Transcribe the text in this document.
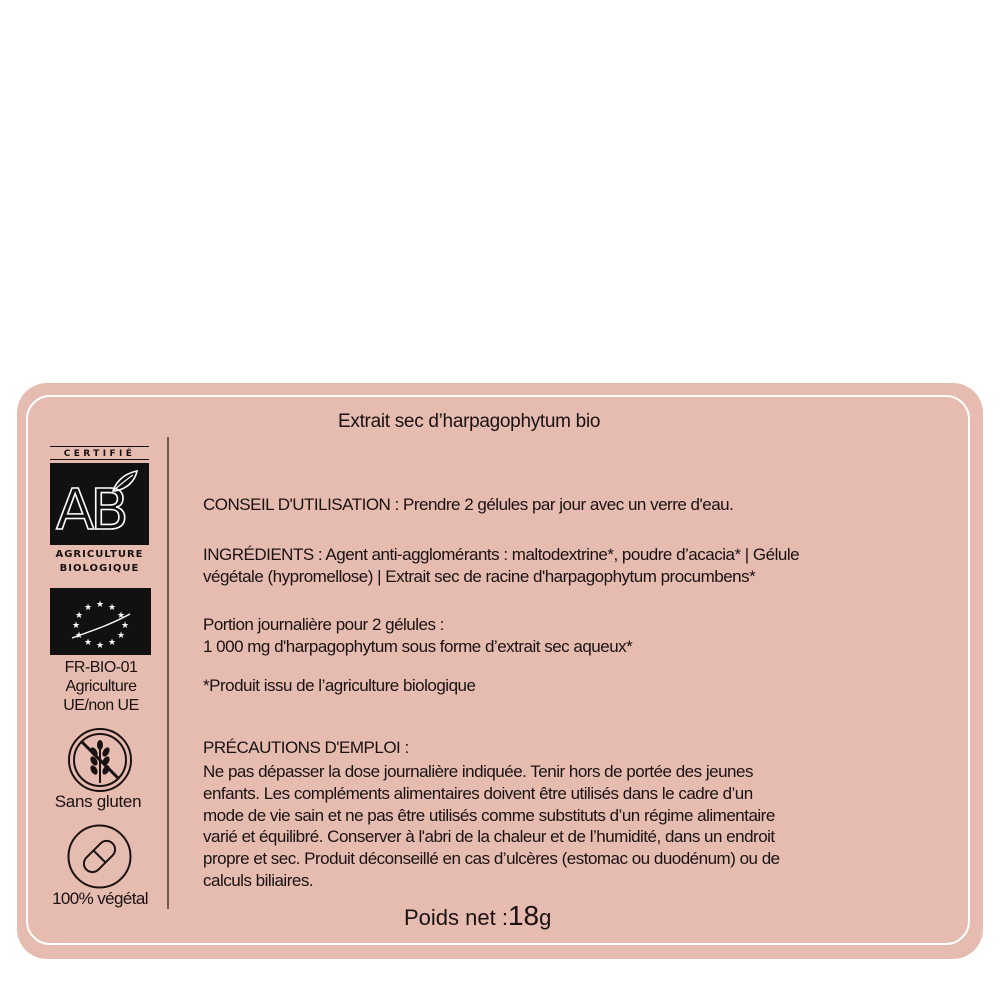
Extrait sec d’harpagophytum bio
CONSEIL D'UTILISATION : Prendre 2 gélules par jour avec un verre d'eau.

INGRÉDIENTS : Agent anti-agglomérants : maltodextrine*, poudre d’acacia* | Gélule

végétale (hypromellose) | Extrait sec de racine d'harpagophytum procumbens*

Portion journalière pour 2 gélules :

1 000 mg d'harpagophytum sous forme d’extrait sec aqueux*

*Produit issu de l’agriculture biologique
PRÉCAUTIONS D'EMPLOI :

Ne pas dépasser la dose journalière indiquée. Tenir hors de portée des jeunes

enfants. Les compléments alimentaires doivent être utilisés dans le cadre d’un

mode de vie sain et ne pas être utilisés comme substituts d’un régime alimentaire

varié et équilibré. Conserver à l'abri de la chaleur et de l’humidité, dans un endroit

propre et sec. Produit déconseillé en cas d’ulcères (estomac ou duodénum) ou de

calculs biliaires.

CERTIFIÉ
AB
AGRICULTURE
BIOLOGIQUE
★
★ ★
★	★
★	★
★	★
★ ★
★
FR-BIO-01
Agriculture
UE/non UE
Sans gluten
100% végétal
Poids net :18g
